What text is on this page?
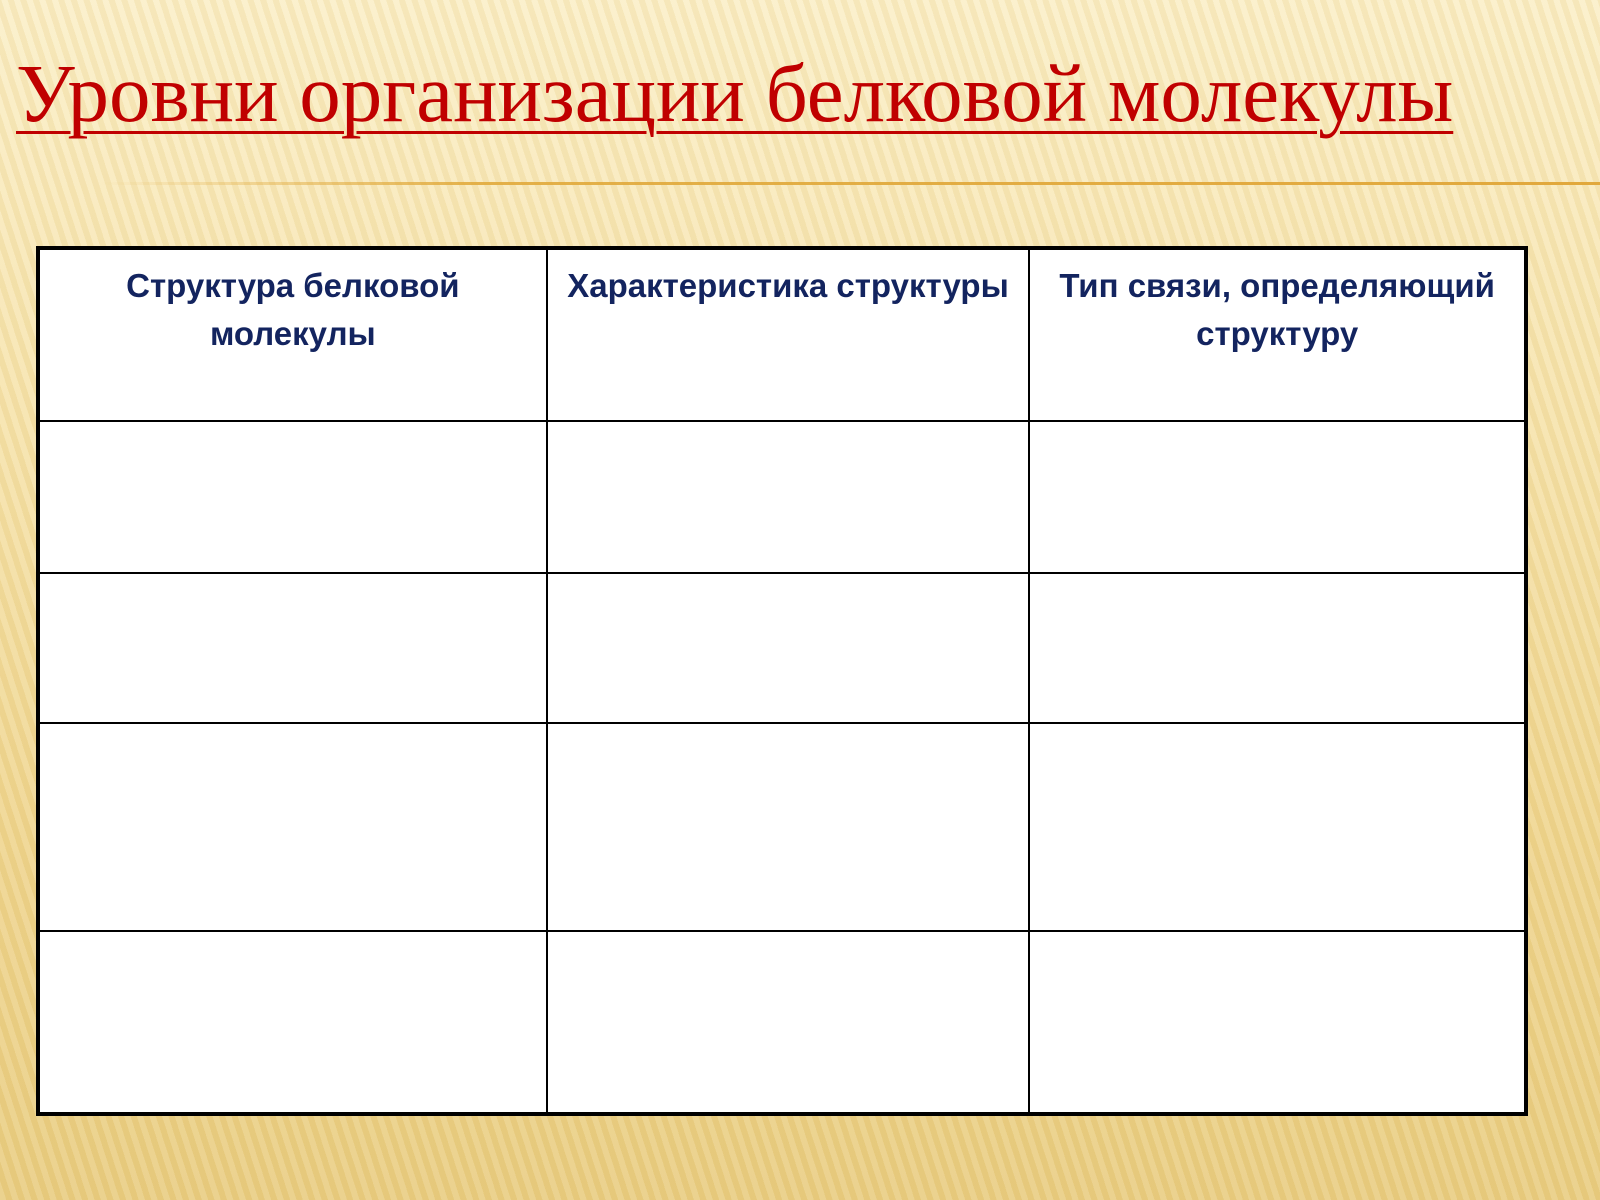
Уровни организации белковой молекулы
Структура белковой молекулы	Характеристика структуры	Тип связи, определяющий структуру
